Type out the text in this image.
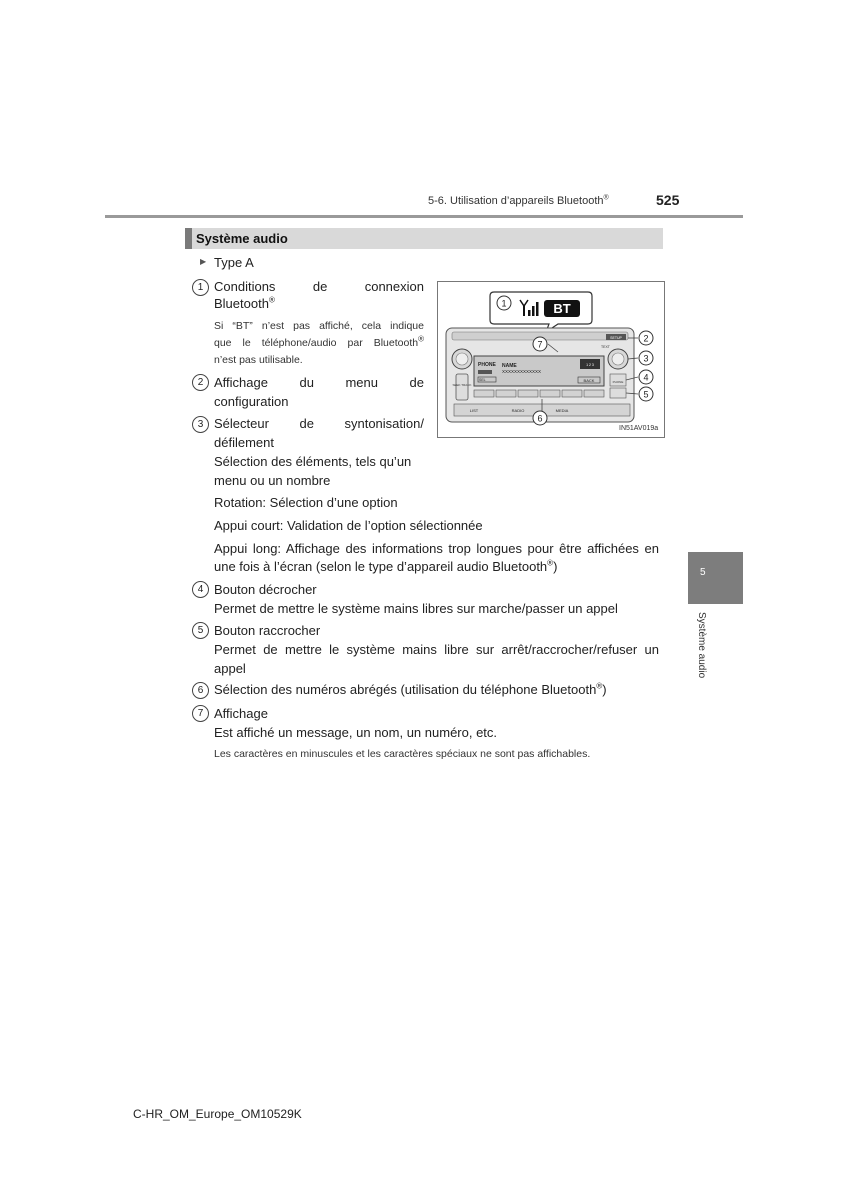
5-6. Utilisation d’appareils Bluetooth®	525
Système audio
5
Système audio
▶ Type A
1 Conditions	de	connexion
Bluetooth®
Si “BT” n’est pas affiché, cela indique
que le téléphone/audio par Bluetooth®
n’est pas utilisable.
2 Affichage du menu de
configuration
3 Sélecteur de syntonisation/
défilement
Sélection des éléments, tels qu’un
menu ou un nombre
Rotation: Sélection d’une option
Appui court: Validation de l’option sélectionnée
Appui long: Affichage des informations trop longues pour être affichées en
une fois à l’écran (selon le type d’appareil audio Bluetooth®)
4 Bouton décrocher
Permet de mettre le système mains libres sur marche/passer un appel
5 Bouton raccrocher
Permet de mettre le système mains libre sur arrêt/raccrocher/refuser un
appel
6 Sélection des numéros abrégés (utilisation du téléphone Bluetooth®)
7 Affichage
Est affiché un message, un nom, un numéro, etc.
Les caractères en minuscules et les caractères spéciaux ne sont pas affichables.
BT
SETUP
TEXT
SEEK TRACK
PHONE NAME
XXXXXXXXXXXXX
SEL
1 2 3
BACK	PHONE
LIST	RADIO	MEDIA
1
7
2
3
4
5
6
IN51AV019a
C-HR_OM_Europe_OM10529K
